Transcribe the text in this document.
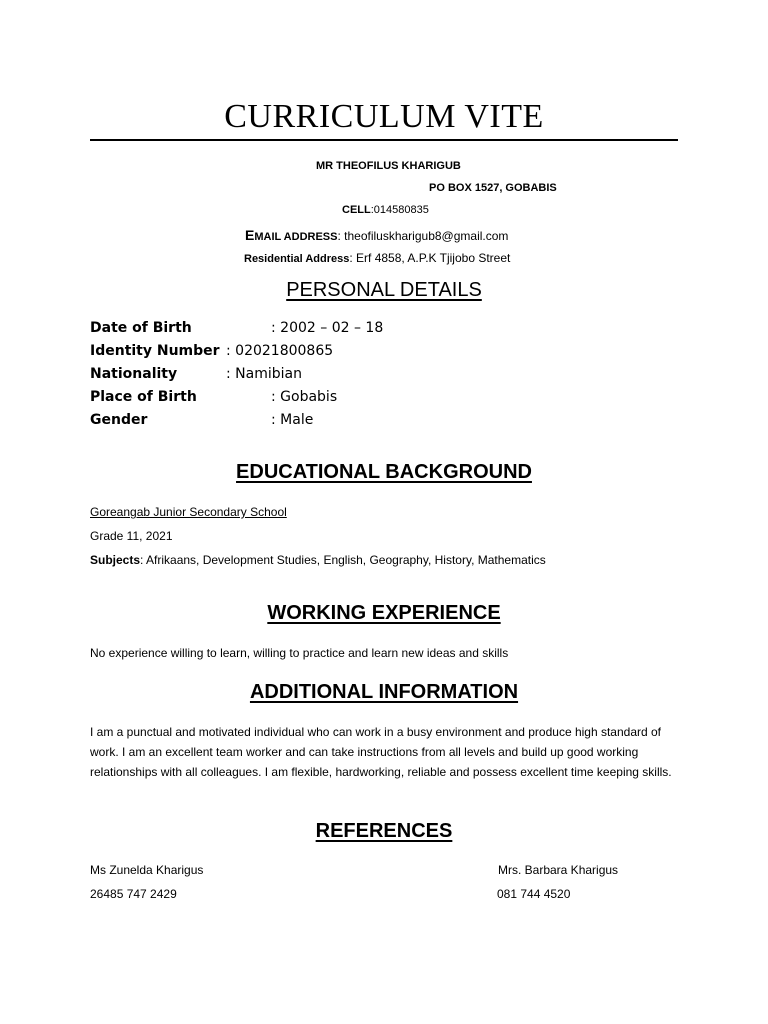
CURRICULUM VITE
MR THEOFILUS KHARIGUB
PO BOX 1527, GOBABIS
CELL:014580835
EMAIL ADDRESS: theofiluskharigub8@gmail.com
Residential Address: Erf 4858, A.P.K Tjijobo Street
PERSONAL DETAILS
Date of Birth	: 2002 – 02 – 18
Identity Number : 02021800865
Nationality	: Namibian
Place of Birth	: Gobabis
Gender	: Male
EDUCATIONAL BACKGROUND
Goreangab Junior Secondary School
Grade 11, 2021
Subjects: Afrikaans, Development Studies, English, Geography, History, Mathematics
WORKING EXPERIENCE
No experience willing to learn, willing to practice and learn new ideas and skills
ADDITIONAL INFORMATION
I am a punctual and motivated individual who can work in a busy environment and produce high standard of work. I am an excellent team worker and can take instructions from all levels and build up good working relationships with all colleagues. I am flexible, hardworking, reliable and possess excellent time keeping skills.
REFERENCES
Ms Zunelda Kharigus
26485 747 2429
Mrs. Barbara Kharigus
081 744 4520
